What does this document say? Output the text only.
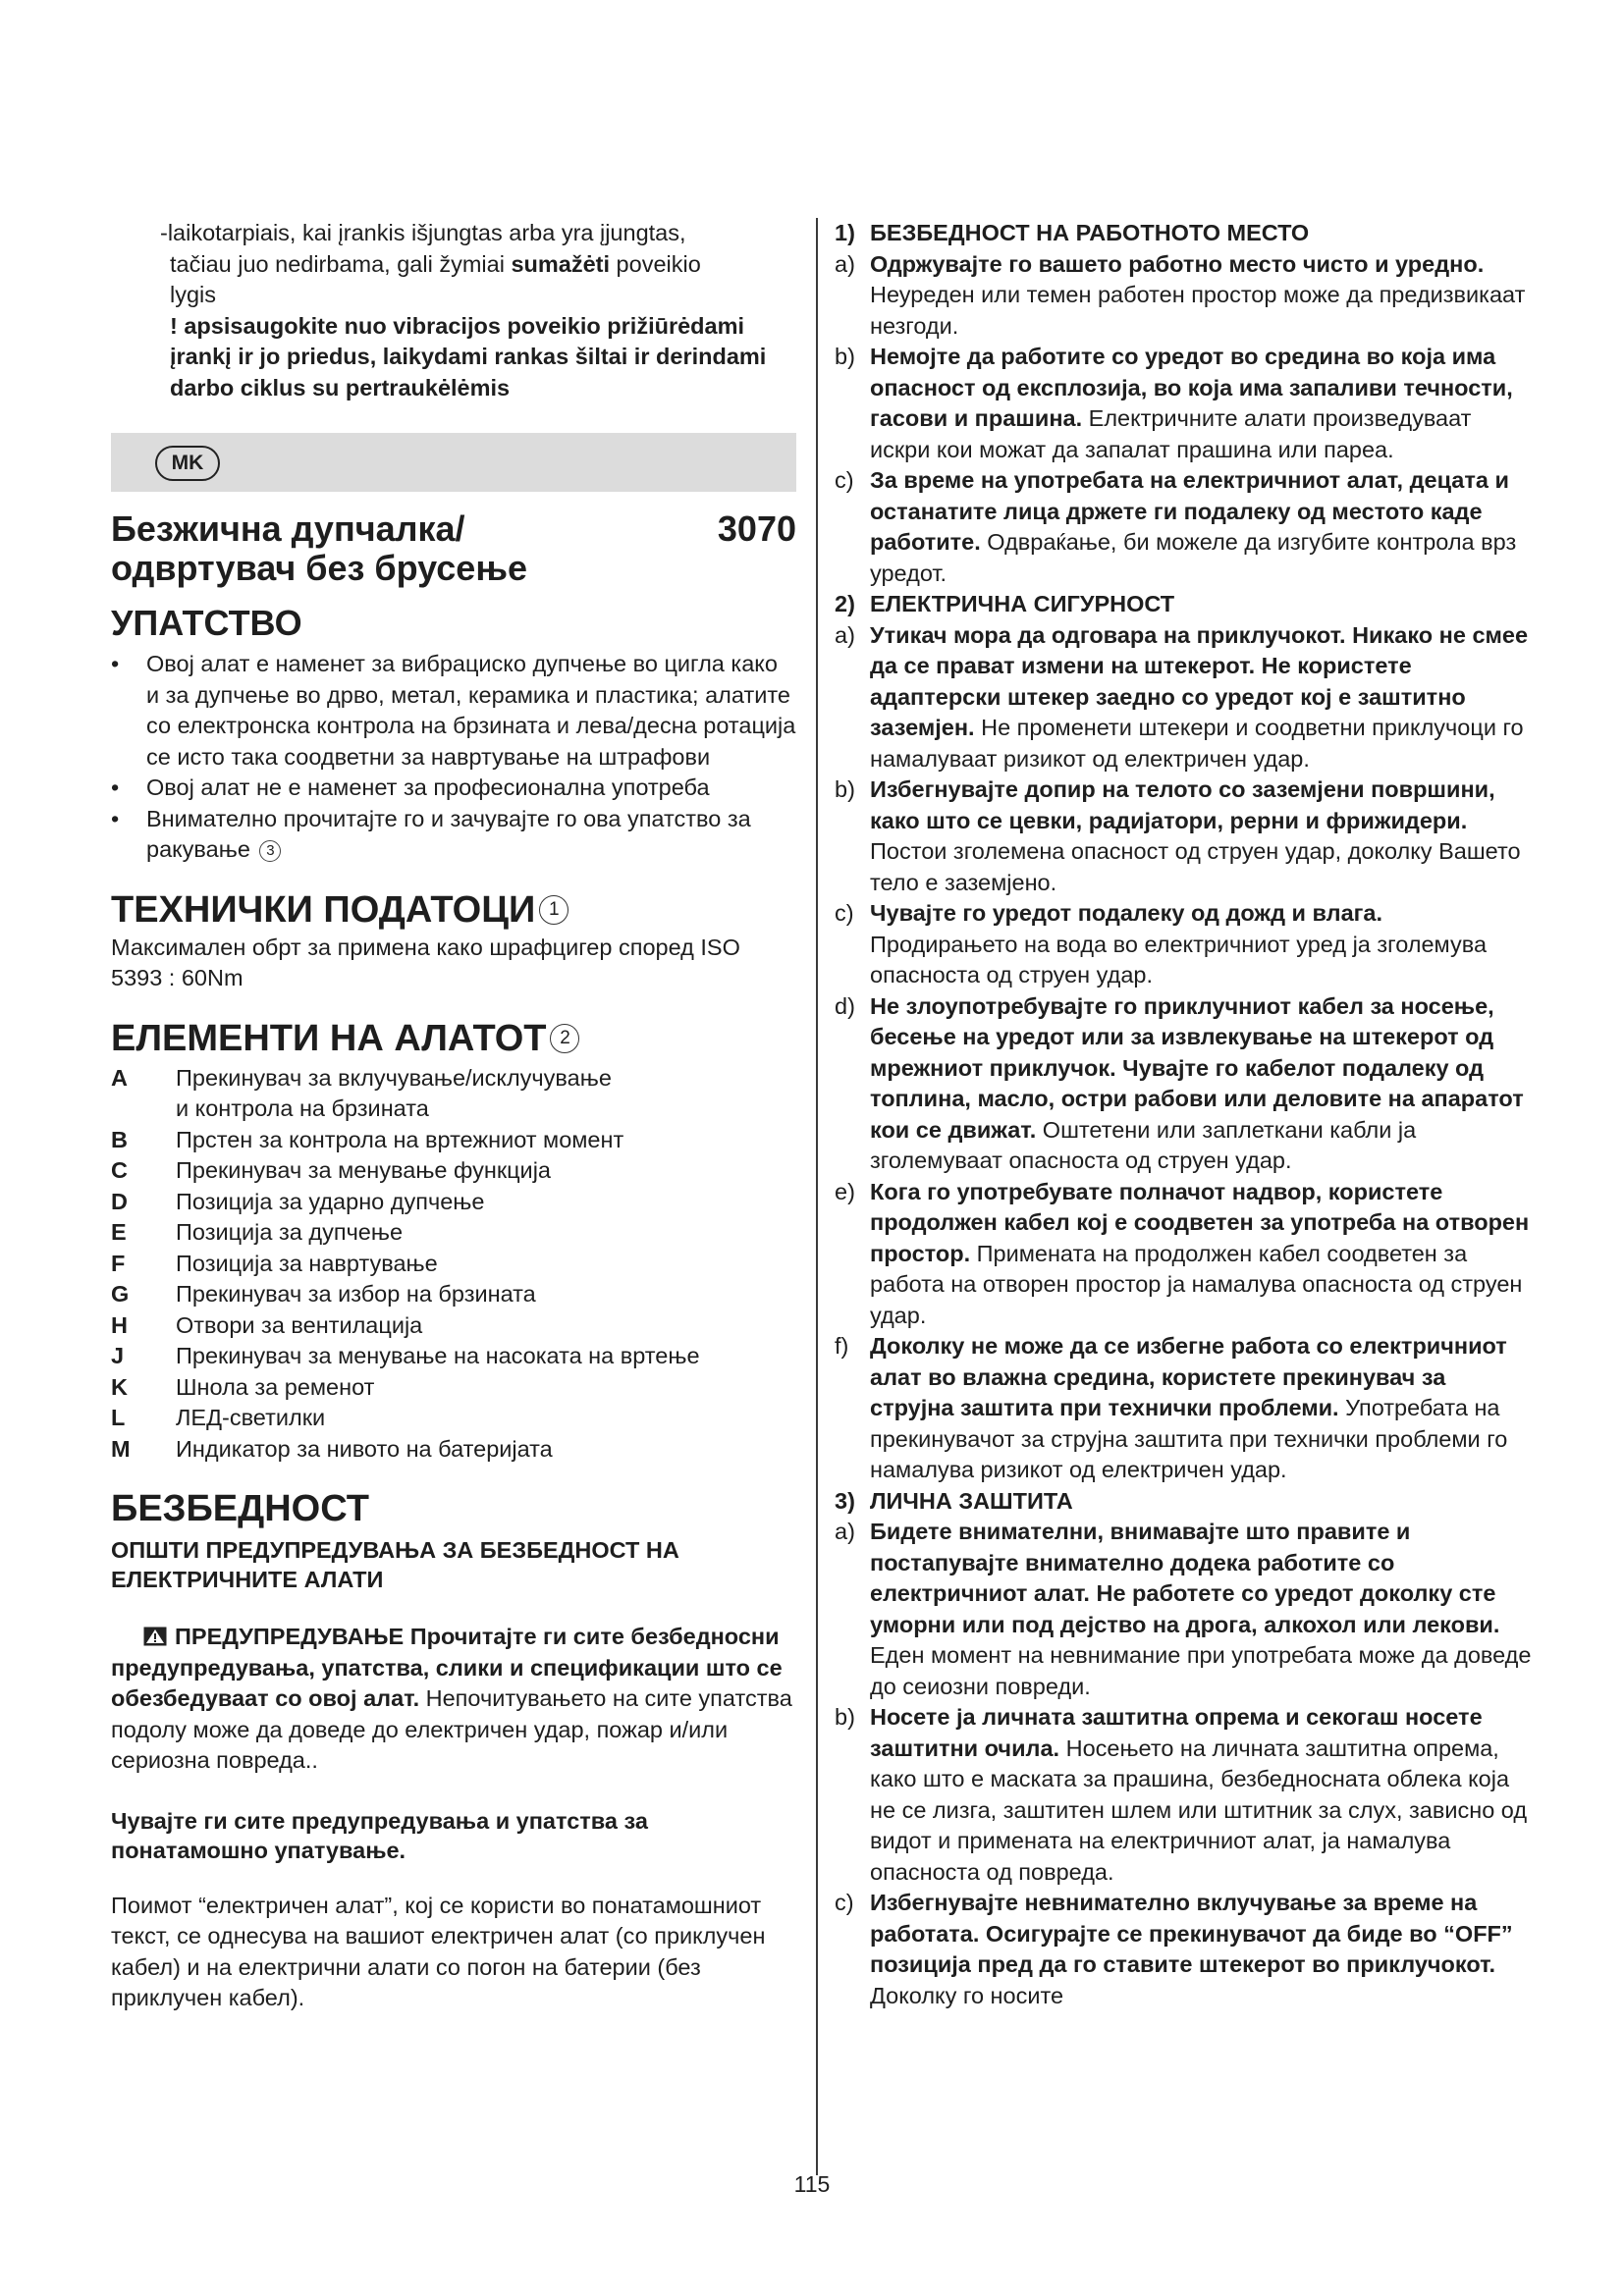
-laikotarpiais, kai įrankis išjungtas arba yra įjungtas,

tačiau juo nedirbama, gali žymiai sumažėti poveikio

lygis

! apsisaugokite nuo vibracijos poveikio prižiūrėdami įrankį ir jo priedus, laikydami rankas šiltai ir derindami darbo ciklus su pertraukėlėmis

MK
Безжична дупчалка/
одвртувач без брусење
3070
УПАТСТВО
•	Овој алат е наменет за вибрациско дупчење во цигла како и за дупчење во дрво, метал, керамика и пластика; алатите со електронска контрола на брзината и лева/десна ротација се исто така соодветни за навртување на штрафови
•	Овој алат не е наменет за професионална употреба
•	Внимателно прочитајте го и зачувајте го ова упатство за ракување 3
ТЕХНИЧКИ ПОДАТОЦИ 1

Максимален обрт за примена како шрафцигер според ISO 5393 : 60Nm

ЕЛЕМЕНТИ НА АЛАТОТ 2
A	Прекинувач за вклучување/исклучување
и контрола на брзината
B	Прстен за контрола на вртежниот момент
C	Прекинувач за менување функција
D	Позиција за ударно дупчење
E	Позиција за дупчење
F	Позиција за навртување
G	Прекинувач за избор на брзината
H	Отвори за вентилација
J	Прекинувач за менување на насоката на вртење
K	Шнола за ременот
L	ЛЕД-светилки
M	Индикатор за нивото на батеријата
БЕЗБЕДНОСТ

ОПШТИ ПРЕДУПРЕДУВАЊА ЗА БЕЗБЕДНОСТ НА ЕЛЕКТРИЧНИТЕ АЛАТИ

ПРЕДУПРЕДУВАЊЕ Прочитајте ги сите безбедносни предупредувања, упатства, слики и спецификации што се обезбедуваат со овој алат. Непочитувањето на сите упатства подолу може да доведе до електричен удар, пожар и/или сериозна повреда..

Чувајте ги сите предупредувања и упатства за понатамошно упатување.

Поимот “електричен алат”, кој се користи во понатамошниот текст, се однесува на вашиот електричен алат (со приклучен кабел) и на електрични алати со погон на батерии (без приклучен кабел).

1) БЕЗБЕДНОСТ НА РАБОТНОТО МЕСТО
a) Одржувајте го вашето работно место чисто и уредно. Неуреден или темен работен простор може да предизвикаат незгоди.
b) Немојте да работите со уредот во средина во која има опасност од експлозија, во која има запаливи течности, гасови и прашина. Електричните алати произведуваат искри кои можат да запалат прашина или пареа.
c) За време на употребата на електричниот алат, децата и останатите лица држете ги подалеку од местото каде работите. Одвраќање, би можеле да изгубите контрола врз уредот.
2) ЕЛЕКТРИЧНА СИГУРНОСТ
a) Утикач мора да одговара на приклучокот. Никако не смее да се прават измени на штекерот. Не користете адаптерски штекер заедно со уредот кој е заштитно заземјен. Не променети штекери и соодветни приклучоци го намалуваат ризикот од електричен удар.
b) Избегнувајте допир на телото со заземјени површини, како што се цевки, радијатори, рерни и фрижидери. Постои зголемена опасност од струен удар, доколку Вашето тело е заземјено.
c) Чувајте го уредот подалеку од дожд и влага. Продирањето на вода во електричниот уред ја зголемува опасноста од струен удар.
d) Не злоупотребувајте го приклучниот кабел за носење, бесење на уредот или за извлекување на штекерот од мрежниот приклучок. Чувајте го кабелот подалеку од топлина, масло, остри рабови или деловите на апаратот кои се движат. Оштетени или заплеткани кабли ја зголемуваат опасноста од струен удар.
e) Кога го употребувате полначот надвор, користете продолжен кабел кој е соодветен за употреба на отворен простор. Примената на продолжен кабел соодветен за работа на отворен простор ја намалува опасноста од струен удар.
f) Доколку не може да се избегне работа со електричниот алат во влажна средина, користете прекинувач за струјна заштита при технички проблеми. Употребата на прекинувачот за струјна заштита при технички проблеми го намалува ризикот од електричен удар.
3) ЛИЧНА ЗАШТИТА
a) Бидете внимателни, внимавајте што правите и постапувајте внимателно додека работите со електричниот алат. Не работете со уредот доколку сте уморни или под дејство на дрога, алкохол или лекови. Еден момент на невнимание при употребата може да доведе до сеиозни повреди.
b) Носете ја личната заштитна опрема и секогаш носете заштитни очила. Носењето на личната заштитна опрема, како што е маската за прашина, безбедносната облека која не се лизга, заштитен шлем или штитник за слух, зависно од видот и примената на електричниот алат, ја намалува опасноста од повреда.
c) Избегнувајте невнимателно вклучување за време на работата. Осигурајте се прекинувачот да биде во “OFF” позиција пред да го ставите штекерот во приклучокот. Доколку го носите
115
